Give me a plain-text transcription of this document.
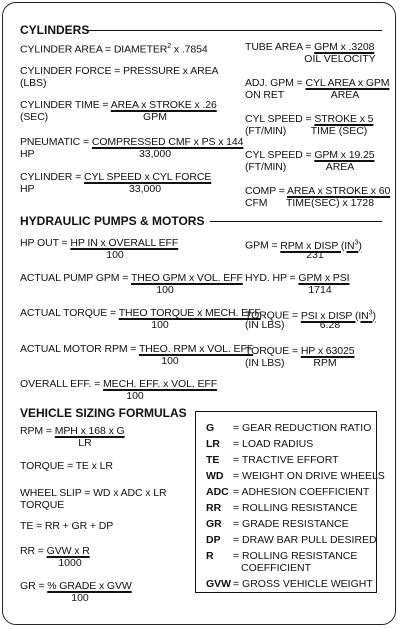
CYLINDERS
CYLINDER AREA = $DIAMETER^2$ x .7854
CYLINDER FORCE = PRESSURE x AREA
(LBS)
CYLINDER TIME = AREA x STROKE x .26
(SEC)	GPM
PNEUMATIC = COMPRESSED CMF x PS x 144
HP	33,000
CYLINDER = CYL SPEED x CYL FORCE
HP	33,000
TUBE AREA = GPM x .3208
OIL VELOCITY
ADJ. GPM = CYL AREA x GPM
ON RET	AREA
CYL SPEED = STROKE x 5
(FT/MIN)	TIME (SEC)
CYL SPEED = GPM x 19.25
(FT/MIN)	AREA
COMP = AREA x STROKE x 60
CFM	TIME(SEC) x 1728
HYDRAULIC PUMPS & MOTORS
HP OUT = HP IN x OVERALL EFF
100
ACTUAL PUMP GPM = THEO GPM x VOL. EFF
100
ACTUAL TORQUE = THEO TORQUE x MECH. EFF
100
ACTUAL MOTOR RPM = THEO. RPM x VOL. EFF
100
OVERALL EFF. = MECH. EFF. x VOL. EFF
100
GPM = RPM x DISP $(IN^3)$
231
HYD. HP = GPM x PSI
1714
TORQUE = PSI x DISP $(IN^3)$
(IN LBS)	6.28
TORQUE = HP x 63025
(IN LBS)	RPM
VEHICLE SIZING FORMULAS
RPM = MPH x 168 x G
LR
TORQUE = TE x LR
WHEEL SLIP = WD x ADC x LR
TORQUE
TE = RR + GR + DP
RR = GVW x R
1000
GR = % GRADE x GVW
100
G = GEAR REDUCTION RATIO
LR = LOAD RADIUS
TE = TRACTIVE EFFORT
WD = WEIGHT ON DRIVE WHEELS
ADC = ADHESION COEFFICIENT
RR = ROLLING RESISTANCE
GR = GRADE RESISTANCE
DP = DRAW BAR PULL DESIRED
R = ROLLING RESISTANCE
COEFFICIENT
GVW = GROSS VEHICLE WEIGHT
